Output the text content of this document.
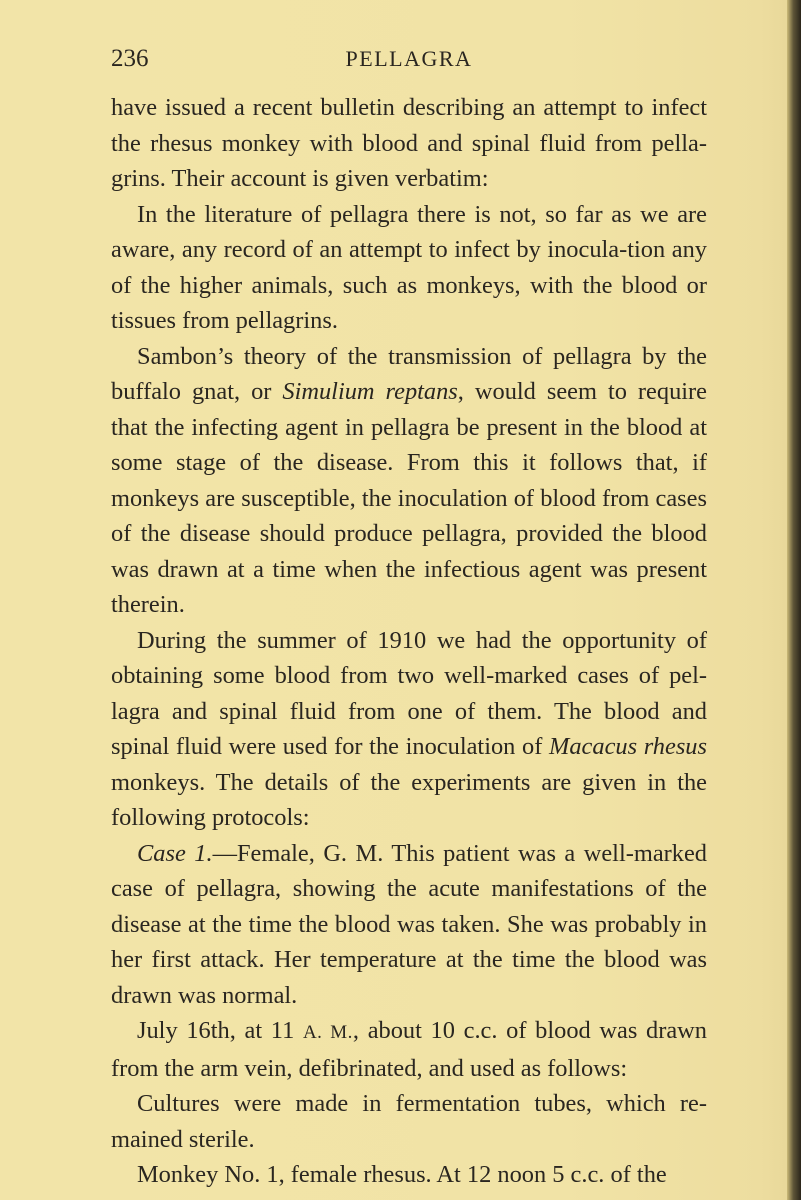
236	PELLAGRA

have issued a recent bulletin describing an attempt to infect the rhesus monkey with blood and spinal fluid from pella-grins. Their account is given verbatim:

In the literature of pellagra there is not, so far as we are aware, any record of an attempt to infect by inocula-tion any of the higher animals, such as monkeys, with the blood or tissues from pellagrins.

Sambon’s theory of the transmission of pellagra by the buffalo gnat, or Simulium reptans, would seem to require that the infecting agent in pellagra be present in the blood at some stage of the disease. From this it follows that, if monkeys are susceptible, the inoculation of blood from cases of the disease should produce pellagra, provided the blood was drawn at a time when the infectious agent was present therein.

During the summer of 1910 we had the opportunity of obtaining some blood from two well-marked cases of pel-lagra and spinal fluid from one of them. The blood and spinal fluid were used for the inoculation of Macacus rhesus monkeys. The details of the experiments are given in the following protocols:

Case 1.—Female, G. M. This patient was a well-marked case of pellagra, showing the acute manifestations of the disease at the time the blood was taken. She was probably in her first attack. Her temperature at the time the blood was drawn was normal.

July 16th, at 11 A. M., about 10 c.c. of blood was drawn from the arm vein, defibrinated, and used as follows:

Cultures were made in fermentation tubes, which re-mained sterile.

Monkey No. 1, female rhesus. At 12 noon 5 c.c. of the
